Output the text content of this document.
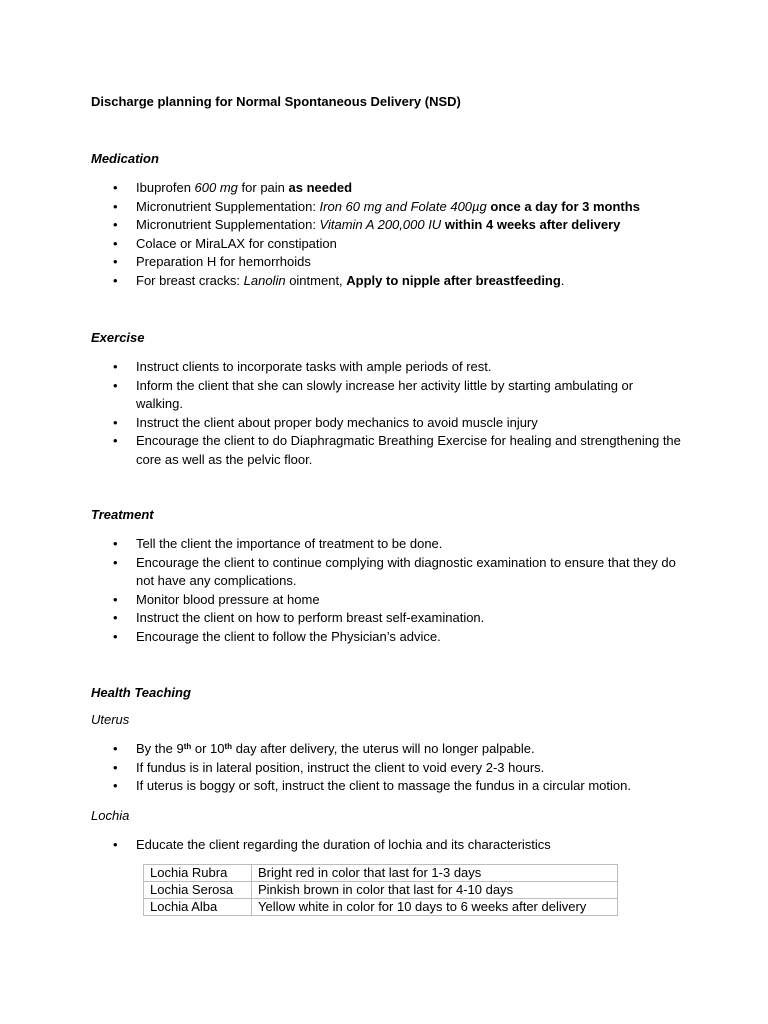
Discharge planning for Normal Spontaneous Delivery (NSD)
Medication
• Ibuprofen 600 mg for pain as needed
• Micronutrient Supplementation: Iron 60 mg and Folate 400µg once a day for 3 months
• Micronutrient Supplementation: Vitamin A 200,000 IU within 4 weeks after delivery
• Colace or MiraLAX for constipation
• Preparation H for hemorrhoids
• For breast cracks: Lanolin ointment, Apply to nipple after breastfeeding.
Exercise
• Instruct clients to incorporate tasks with ample periods of rest.
• Inform the client that she can slowly increase her activity little by starting ambulating or walking.
• Instruct the client about proper body mechanics to avoid muscle injury
• Encourage the client to do Diaphragmatic Breathing Exercise for healing and strengthening the core as well as the pelvic floor.
Treatment
• Tell the client the importance of treatment to be done.
• Encourage the client to continue complying with diagnostic examination to ensure that they do not have any complications.
• Monitor blood pressure at home
• Instruct the client on how to perform breast self-examination.
• Encourage the client to follow the Physician’s advice.
Health Teaching
Uterus
• By the 9th or 10th day after delivery, the uterus will no longer palpable.
• If fundus is in lateral position, instruct the client to void every 2-3 hours.
• If uterus is boggy or soft, instruct the client to massage the fundus in a circular motion.
Lochia
• Educate the client regarding the duration of lochia and its characteristics
Lochia Rubra	Bright red in color that last for 1-3 days
Lochia Serosa	Pinkish brown in color that last for 4-10 days
Lochia Alba	Yellow white in color for 10 days to 6 weeks after delivery
